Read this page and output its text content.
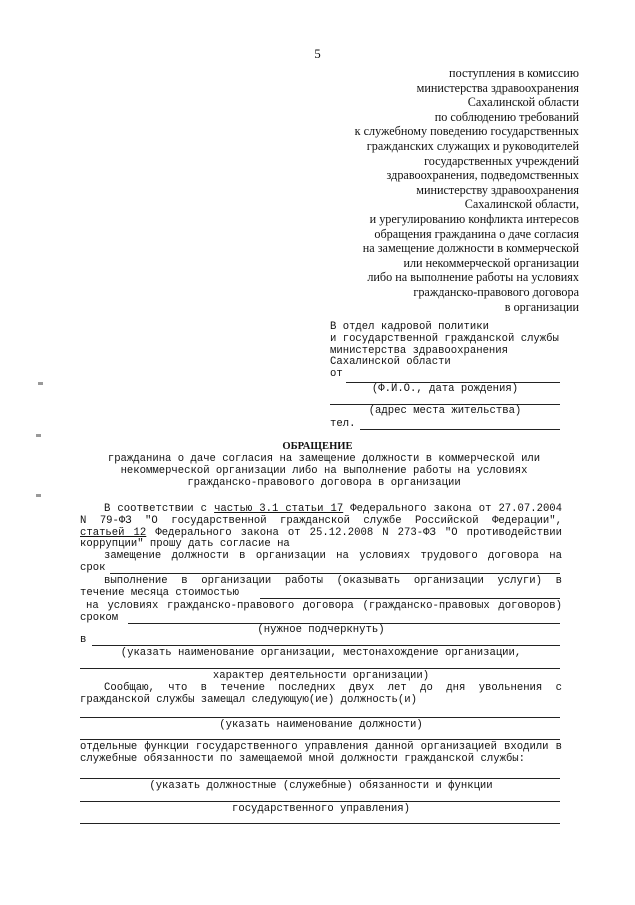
5
поступления в комиссию
министерства здравоохранения
Сахалинской области
по соблюдению требований
к служебному поведению государственных
гражданских служащих и руководителей
государственных учреждений
здравоохранения, подведомственных
министерству здравоохранения
Сахалинской области,
и урегулированию конфликта интересов
обращения гражданина о даче согласия
на замещение должности в коммерческой
или некоммерческой организации
либо на выполнение работы на условиях
гражданско-правового договора
в организации
В отдел кадровой политики
и государственной гражданской службы
министерства здравоохранения
Сахалинской области
от
(Ф.И.О., дата рождения)
(адрес места жительства)
тел.
ОБРАЩЕНИЕ
гражданина о даче согласия на замещение должности в коммерческой или
некоммерческой организации либо на выполнение работы на условиях
гражданско-правового договора в организации
В соответствии с частью 3.1 статьи 17 Федерального закона от 27.07.2004
N 79-ФЗ "О государственной гражданской службе Российской Федерации",
статьей 12 Федерального закона от 25.12.2008 N 273-ФЗ "О противодействии
коррупции" прошу дать согласие на
замещение должности в организации на условиях трудового договора на
срок
выполнение в организации работы (оказывать организации услуги) в
течение месяца стоимостью
на условиях гражданско-правового договора (гражданско-правовых договоров)
сроком
(нужное подчеркнуть)
в
(указать наименование организации, местонахождение организации,
характер деятельности организации)
Сообщаю, что в течение последних двух лет до дня увольнения с
гражданской службы замещал следующую(ие) должность(и)
(указать наименование должности)
отдельные функции государственного управления данной организацией входили в
служебные обязанности по замещаемой мной должности гражданской службы:
(указать должностные (служебные) обязанности и функции
государственного управления)
